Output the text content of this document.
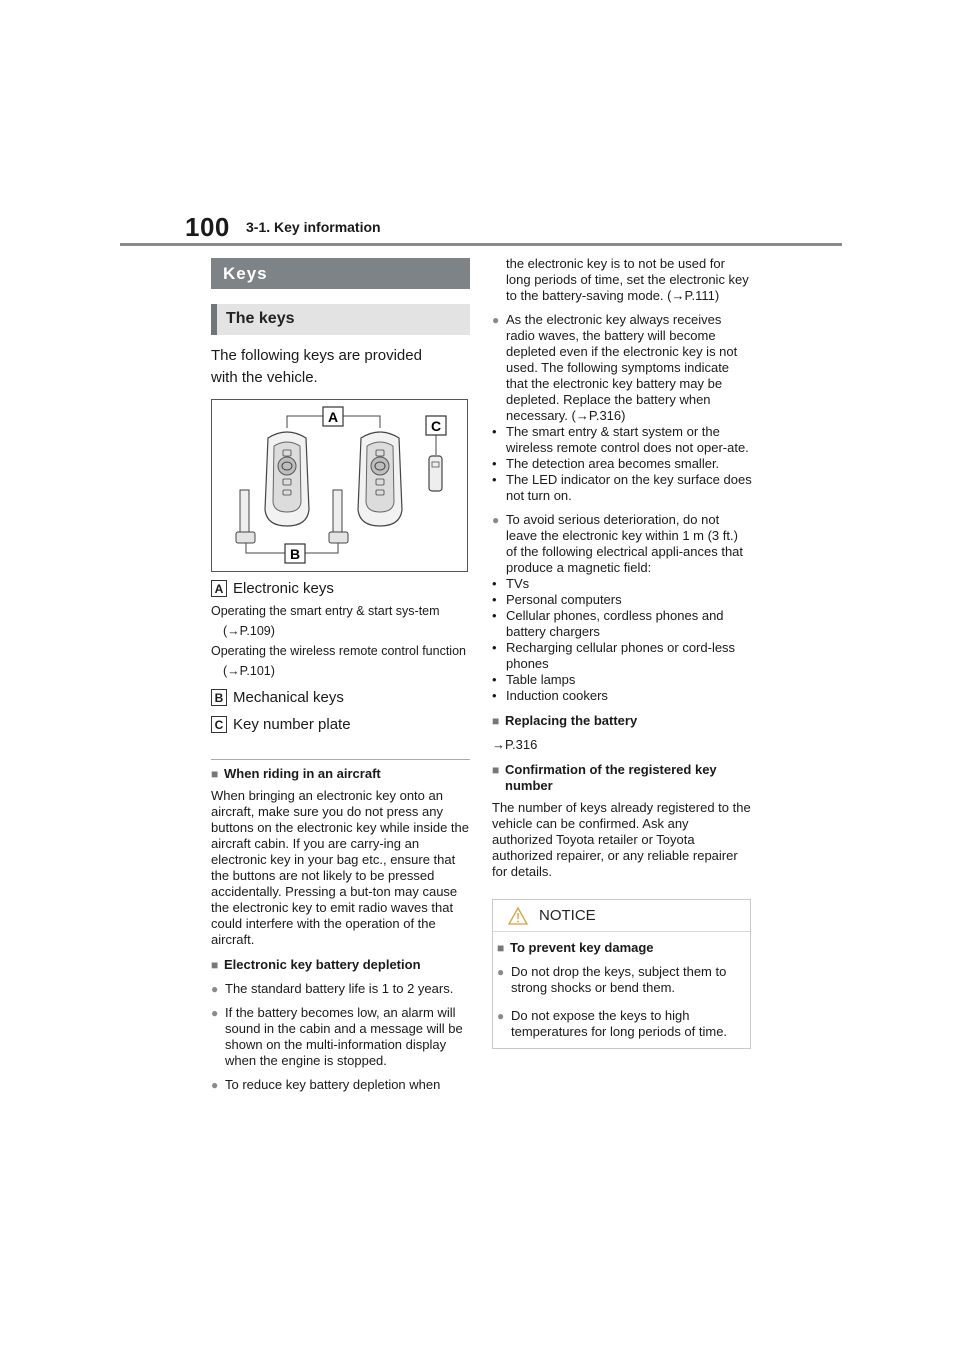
100 3-1. Key information
Keys
The keys
The following keys are provided with the vehicle.
A
C
B
A Electronic keys
Operating the smart entry & start sys-tem (→P.109)
Operating the wireless remote control function (→P.101)
B Mechanical keys
C Key number plate
■ When riding in an aircraft
When bringing an electronic key onto an aircraft, make sure you do not press any buttons on the electronic key while inside the aircraft cabin. If you are carry-ing an electronic key in your bag etc., ensure that the buttons are not likely to be pressed accidentally. Pressing a but-ton may cause the electronic key to emit radio waves that could interfere with the operation of the aircraft.
■ Electronic key battery depletion
● The standard battery life is 1 to 2 years.
● If the battery becomes low, an alarm will sound in the cabin and a message will be shown on the multi-information display when the engine is stopped.
● To reduce key battery depletion when
the electronic key is to not be used for long periods of time, set the electronic key to the battery-saving mode. (→P.111)
● As the electronic key always receives radio waves, the battery will become depleted even if the electronic key is not used. The following symptoms indicate that the electronic key battery may be depleted. Replace the battery when necessary. (→P.316)
• The smart entry & start system or the wireless remote control does not oper-ate.
• The detection area becomes smaller.
• The LED indicator on the key surface does not turn on.
● To avoid serious deterioration, do not leave the electronic key within 1 m (3 ft.) of the following electrical appli-ances that produce a magnetic field:
• TVs
• Personal computers
• Cellular phones, cordless phones and battery chargers
• Recharging cellular phones or cord-less phones
• Table lamps
• Induction cookers
■ Replacing the battery
→P.316
■ Confirmation of the registered key number
The number of keys already registered to the vehicle can be confirmed. Ask any authorized Toyota retailer or Toyota authorized repairer, or any reliable repairer for details.
NOTICE
■ To prevent key damage
● Do not drop the keys, subject them to strong shocks or bend them.
● Do not expose the keys to high temperatures for long periods of time.
